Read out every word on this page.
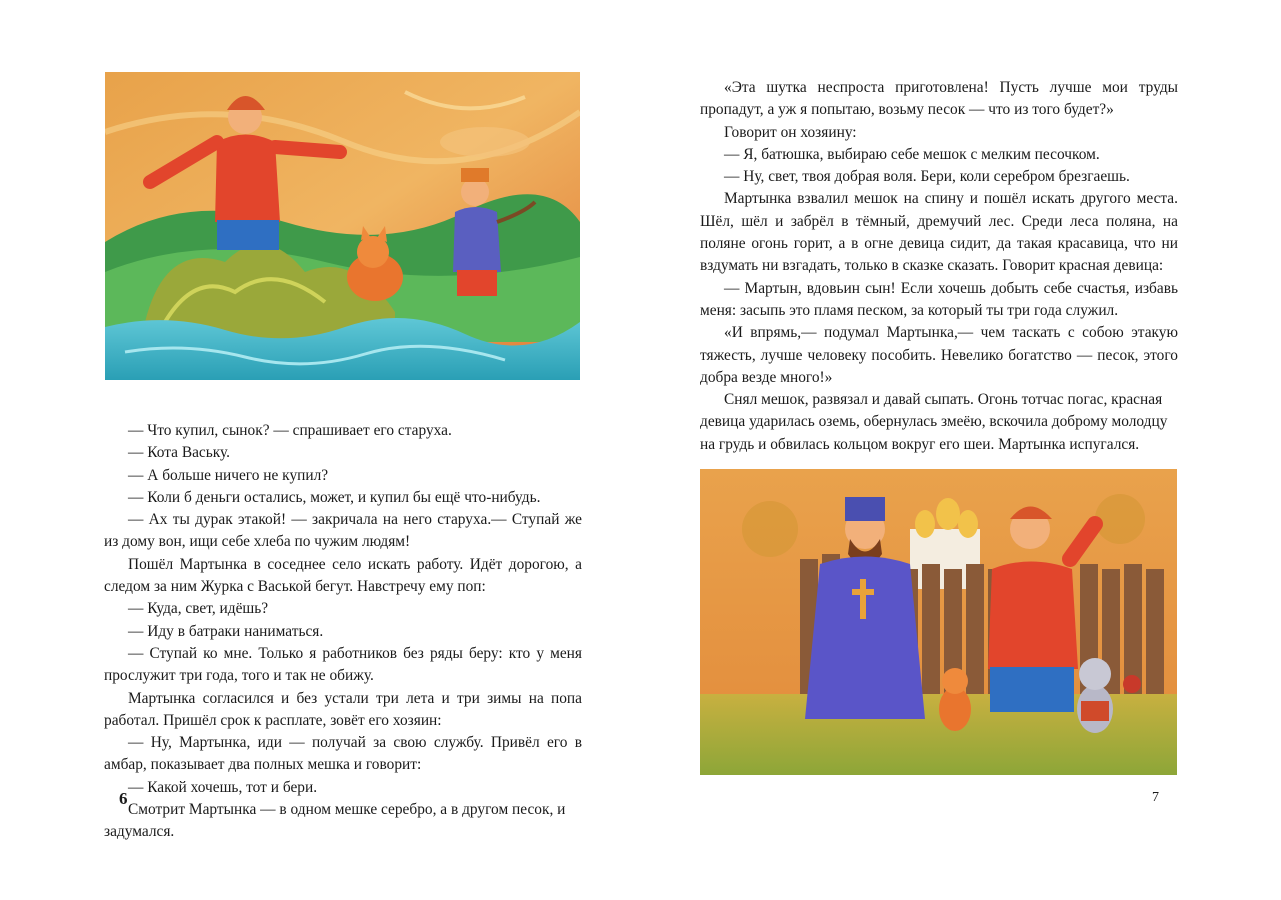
— Что купил, сынок? — спрашивает его старуха.

— Кота Ваську.

— А больше ничего не купил?

— Коли б деньги остались, может, и купил бы ещё что-нибудь.

— Ах ты дурак этакой! — закричала на него старуха.— Ступай же из дому вон, ищи себе хлеба по чужим людям!

Пошёл Мартынка в соседнее село искать работу. Идёт дорогою, а следом за ним Журка с Васькой бегут. Навстречу ему поп:

— Куда, свет, идёшь?

— Иду в батраки наниматься.

— Ступай ко мне. Только я работников без ряды беру: кто у меня прослужит три года, того и так не обижу.

Мартынка согласился и без устали три лета и три зимы на попа работал. Пришёл срок к расплате, зовёт его хозяин:

— Ну, Мартынка, иди — получай за свою службу. Привёл его в амбар, показывает два полных мешка и говорит:

— Какой хочешь, тот и бери.

Смотрит Мартынка — в одном мешке серебро, а в другом песок, и задумался.

6

«Эта шутка неспроста приготовлена! Пусть лучше мои труды пропадут, а уж я попытаю, возьму песок — что из того будет?»

Говорит он хозяину:

— Я, батюшка, выбираю себе мешок с мелким песочком.

— Ну, свет, твоя добрая воля. Бери, коли серебром брезгаешь.

Мартынка взвалил мешок на спину и пошёл искать другого места. Шёл, шёл и забрёл в тёмный, дремучий лес. Среди леса поляна, на поляне огонь горит, а в огне девица сидит, да такая красавица, что ни вздумать ни взгадать, только в сказке сказать. Говорит красная девица:

— Мартын, вдовьин сын! Если хочешь добыть себе счастья, избавь меня: засыпь это пламя песком, за который ты три года служил.

«И впрямь,— подумал Мартынка,— чем таскать с собою этакую тяжесть, лучше человеку пособить. Невелико богатство — песок, этого добра везде много!»

Снял мешок, развязал и давай сыпать. Огонь тотчас погас, красная девица ударилась оземь, обернулась змеёю, вскочила доброму молодцу на грудь и обвилась кольцом вокруг его шеи. Мартынка испугался.

7
